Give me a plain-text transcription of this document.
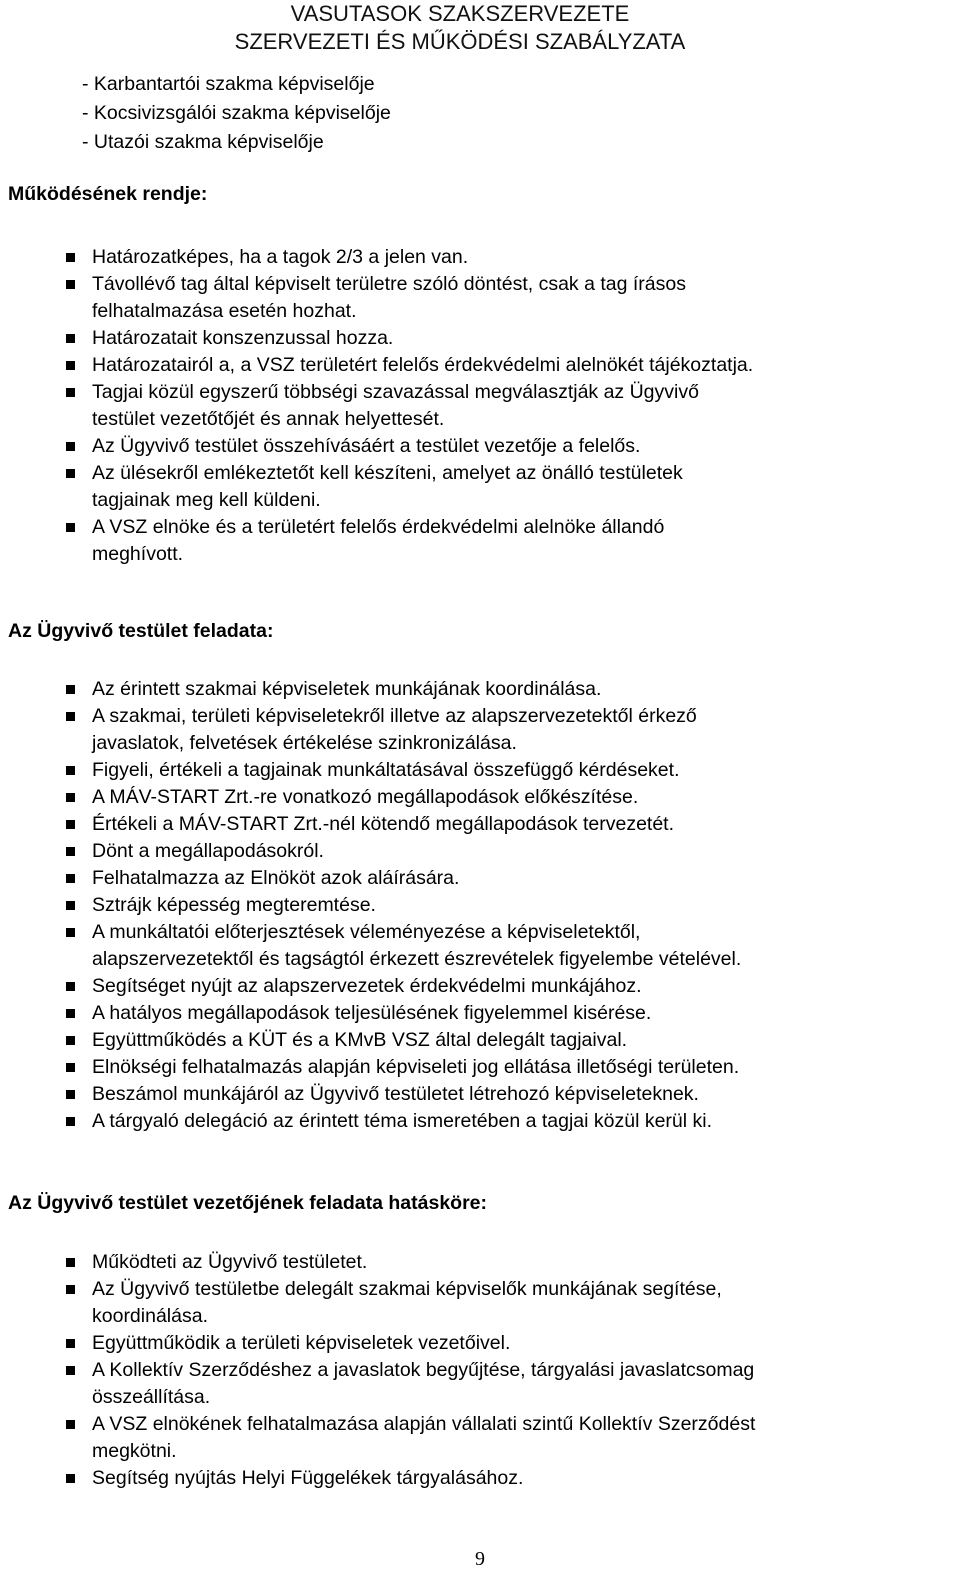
VASUTASOK SZAKSZERVEZETE
SZERVEZETI ÉS MŰKÖDÉSI SZABÁLYZATA
- Karbantartói szakma képviselője
- Kocsivizsgálói szakma képviselője
- Utazói szakma képviselője
Működésének rendje:
Határozatképes, ha a tagok 2/3 a jelen van.
Távollévő tag által képviselt területre szóló döntést, csak a tag írásos
felhatalmazása esetén hozhat.
Határozatait konszenzussal hozza.
Határozatairól a, a VSZ területért felelős érdekvédelmi alelnökét tájékoztatja.
Tagjai közül egyszerű többségi szavazással megválasztják az Ügyvivő
testület vezetőtőjét és annak helyettesét.
Az Ügyvivő testület összehívásáért a testület vezetője a felelős.
Az ülésekről emlékeztetőt kell készíteni, amelyet az önálló testületek
tagjainak meg kell küldeni.
A VSZ elnöke és a területért felelős érdekvédelmi alelnöke állandó
meghívott.
Az Ügyvivő testület feladata:
Az érintett szakmai képviseletek munkájának koordinálása.
A szakmai, területi képviseletekről illetve az alapszervezetektől érkező
javaslatok, felvetések értékelése szinkronizálása.
Figyeli, értékeli a tagjainak munkáltatásával összefüggő kérdéseket.
A MÁV-START Zrt.-re vonatkozó megállapodások előkészítése.
Értékeli a MÁV-START Zrt.-nél kötendő megállapodások tervezetét.
Dönt a megállapodásokról.
Felhatalmazza az Elnököt azok aláírására.
Sztrájk képesség megteremtése.
A munkáltatói előterjesztések véleményezése a képviseletektől,
alapszervezetektől és tagságtól érkezett észrevételek figyelembe vételével.
Segítséget nyújt az alapszervezetek érdekvédelmi munkájához.
A hatályos megállapodások teljesülésének figyelemmel kisérése.
Együttműködés a KÜT és a KMvB VSZ által delegált tagjaival.
Elnökségi felhatalmazás alapján képviseleti jog ellátása illetőségi területen.
Beszámol munkájáról az Ügyvivő testületet létrehozó képviseleteknek.
A tárgyaló delegáció az érintett téma ismeretében a tagjai közül kerül ki.
Az Ügyvivő testület vezetőjének feladata hatásköre:
Működteti az Ügyvivő testületet.
Az Ügyvivő testületbe delegált szakmai képviselők munkájának segítése,
koordinálása.
Együttműködik a területi képviseletek vezetőivel.
A Kollektív Szerződéshez a javaslatok begyűjtése, tárgyalási javaslatcsomag
összeállítása.
A VSZ elnökének felhatalmazása alapján vállalati szintű Kollektív Szerződést
megkötni.
Segítség nyújtás Helyi Függelékek tárgyalásához.
9
